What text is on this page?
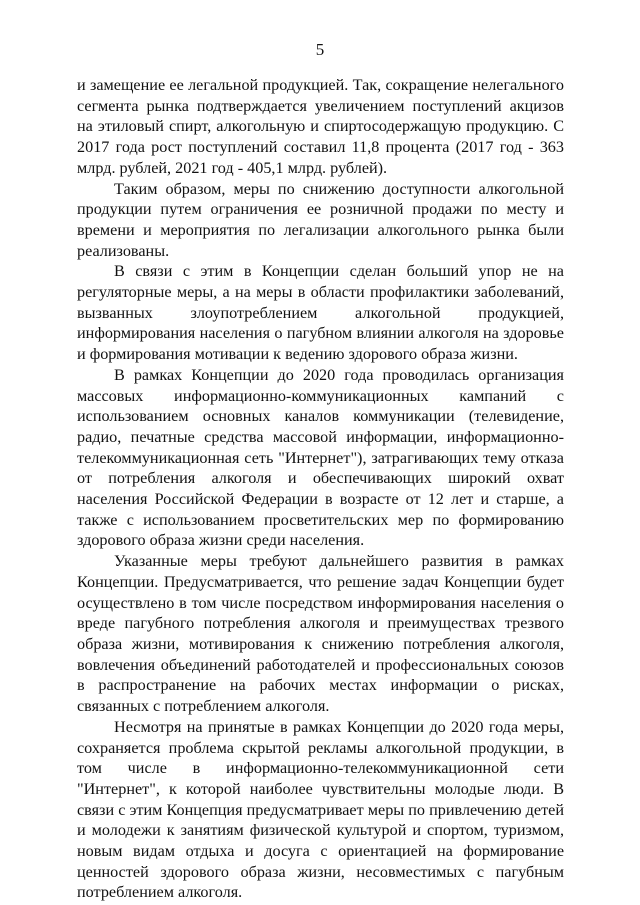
5

и замещение ее легальной продукцией. Так, сокращение нелегального сегмента рынка подтверждается увеличением поступлений акцизов на этиловый спирт, алкогольную и спиртосодержащую продукцию. С 2017 года рост поступлений составил 11,8 процента (2017 год - 363 млрд. рублей, 2021 год - 405,1 млрд. рублей).

Таким образом, меры по снижению доступности алкогольной продукции путем ограничения ее розничной продажи по месту и времени и мероприятия по легализации алкогольного рынка были реализованы.

В связи с этим в Концепции сделан больший упор не на регуляторные меры, а на меры в области профилактики заболеваний, вызванных злоупотреблением алкогольной продукцией, информирования населения о пагубном влиянии алкоголя на здоровье и формирования мотивации к ведению здорового образа жизни.

В рамках Концепции до 2020 года проводилась организация массовых информационно-коммуникационных кампаний с использованием основных каналов коммуникации (телевидение, радио, печатные средства массовой информации, информационно-телекоммуникационная сеть "Интернет"), затрагивающих тему отказа от потребления алкоголя и обеспечивающих широкий охват населения Российской Федерации в возрасте от 12 лет и старше, а также с использованием просветительских мер по формированию здорового образа жизни среди населения.

Указанные меры требуют дальнейшего развития в рамках Концепции. Предусматривается, что решение задач Концепции будет осуществлено в том числе посредством информирования населения о вреде пагубного потребления алкоголя и преимуществах трезвого образа жизни, мотивирования к снижению потребления алкоголя, вовлечения объединений работодателей и профессиональных союзов в распространение на рабочих местах информации о рисках, связанных с потреблением алкоголя.

Несмотря на принятые в рамках Концепции до 2020 года меры, сохраняется проблема скрытой рекламы алкогольной продукции, в том числе в информационно-телекоммуникационной сети "Интернет", к которой наиболее чувствительны молодые люди. В связи с этим Концепция предусматривает меры по привлечению детей и молодежи к занятиям физической культурой и спортом, туризмом, новым видам отдыха и досуга с ориентацией на формирование ценностей здорового образа жизни, несовместимых с пагубным потреблением алкоголя.
